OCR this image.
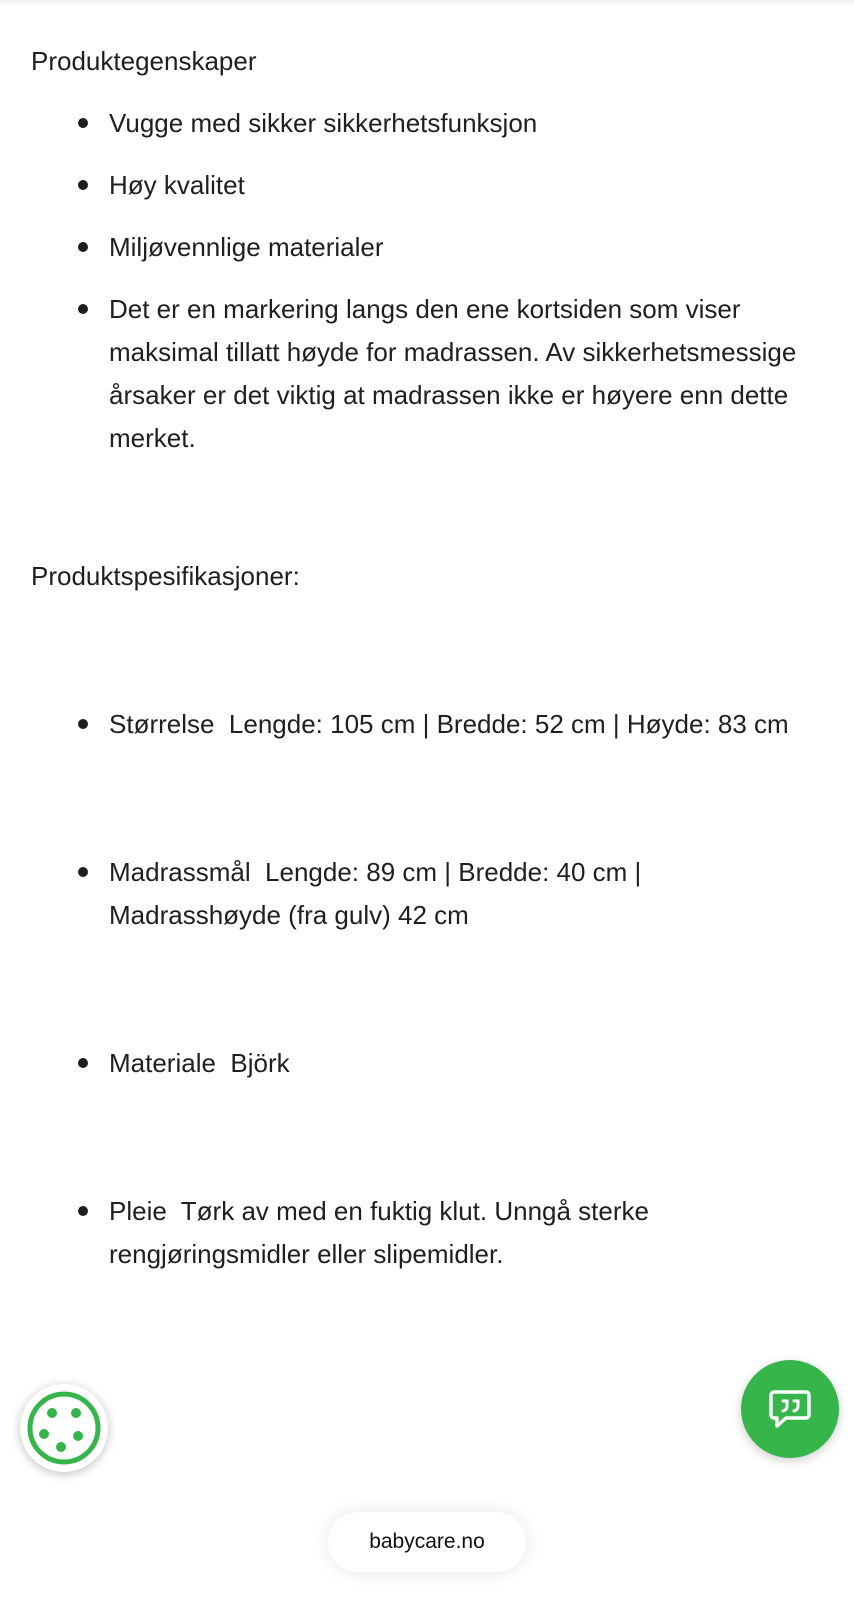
Produktegenskaper
Vugge med sikker sikkerhetsfunksjon
Høy kvalitet
Miljøvennlige materialer
Det er en markering langs den ene kortsiden som viser maksimal tillatt høyde for madrassen. Av sikkerhetsmessige årsaker er det viktig at madrassen ikke er høyere enn dette merket.
Produktspesifikasjoner:

Størrelse  Lengde: 105 cm | Bredde: 52 cm | Høyde: 83 cm

Madrassmål  Lengde: 89 cm | Bredde: 40 cm |  Madrasshøyde (fra gulv) 42 cm

Materiale  Björk

Pleie  Tørk av med en fuktig klut. Unngå sterke rengjøringsmidler eller slipemidler.

babycare.no
